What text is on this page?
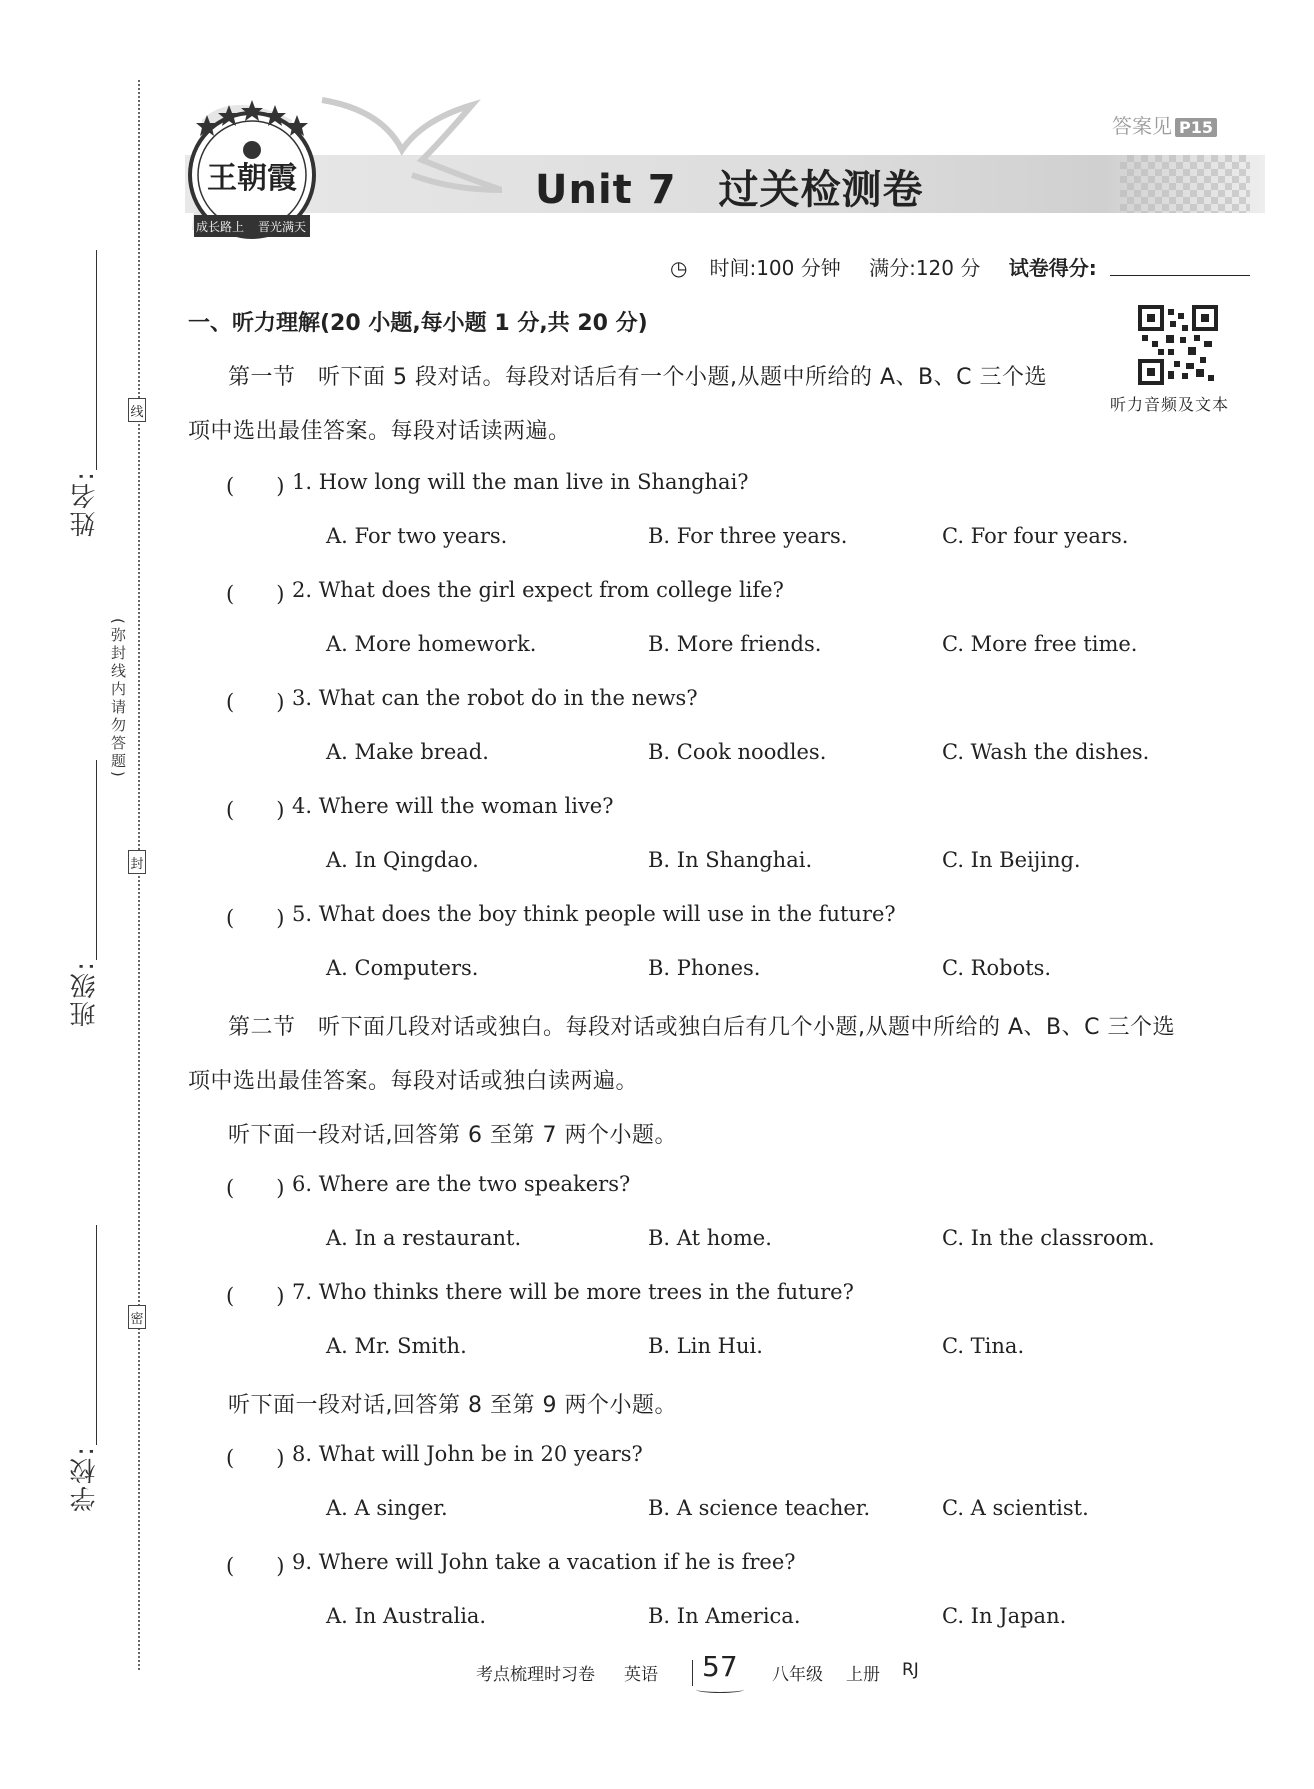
姓名:
班级:
学校:
线
封
密
(弥封线内请勿答题)
王朝霞
成长路上 晋光满天
答案见 P15
Unit 7 过关检测卷
◷ 时间:100 分钟 满分:120 分 试卷得分:
听力音频及文本
一、听力理解(20 小题,每小题 1 分,共 20 分)
第一节　听下面 5 段对话。每段对话后有一个小题,从题中所给的 A、B、C 三个选
项中选出最佳答案。每段对话读两遍。
(　　) 1. How long will the man live in Shanghai?
A. For two years.	B. For three years.	C. For four years.
(　　) 2. What does the girl expect from college life?
A. More homework.	B. More friends.	C. More free time.
(　　) 3. What can the robot do in the news?
A. Make bread.	B. Cook noodles.	C. Wash the dishes.
(　　) 4. Where will the woman live?
A. In Qingdao.	B. In Shanghai.	C. In Beijing.
(　　) 5. What does the boy think people will use in the future?
A. Computers.	B. Phones.	C. Robots.
第二节　听下面几段对话或独白。每段对话或独白后有几个小题,从题中所给的 A、B、C 三个选
项中选出最佳答案。每段对话或独白读两遍。
听下面一段对话,回答第 6 至第 7 两个小题。
(　　) 6. Where are the two speakers?
A. In a restaurant.	B. At home.	C. In the classroom.
(　　) 7. Who thinks there will be more trees in the future?
A. Mr. Smith.	B. Lin Hui.	C. Tina.
听下面一段对话,回答第 8 至第 9 两个小题。
(　　) 8. What will John be in 20 years?
A. A singer.	B. A science teacher.	C. A scientist.
(　　) 9. Where will John take a vacation if he is free?
A. In Australia.	B. In America.	C. In Japan.
考点梳理时习卷 英语 57 八年级 上册 RJ
